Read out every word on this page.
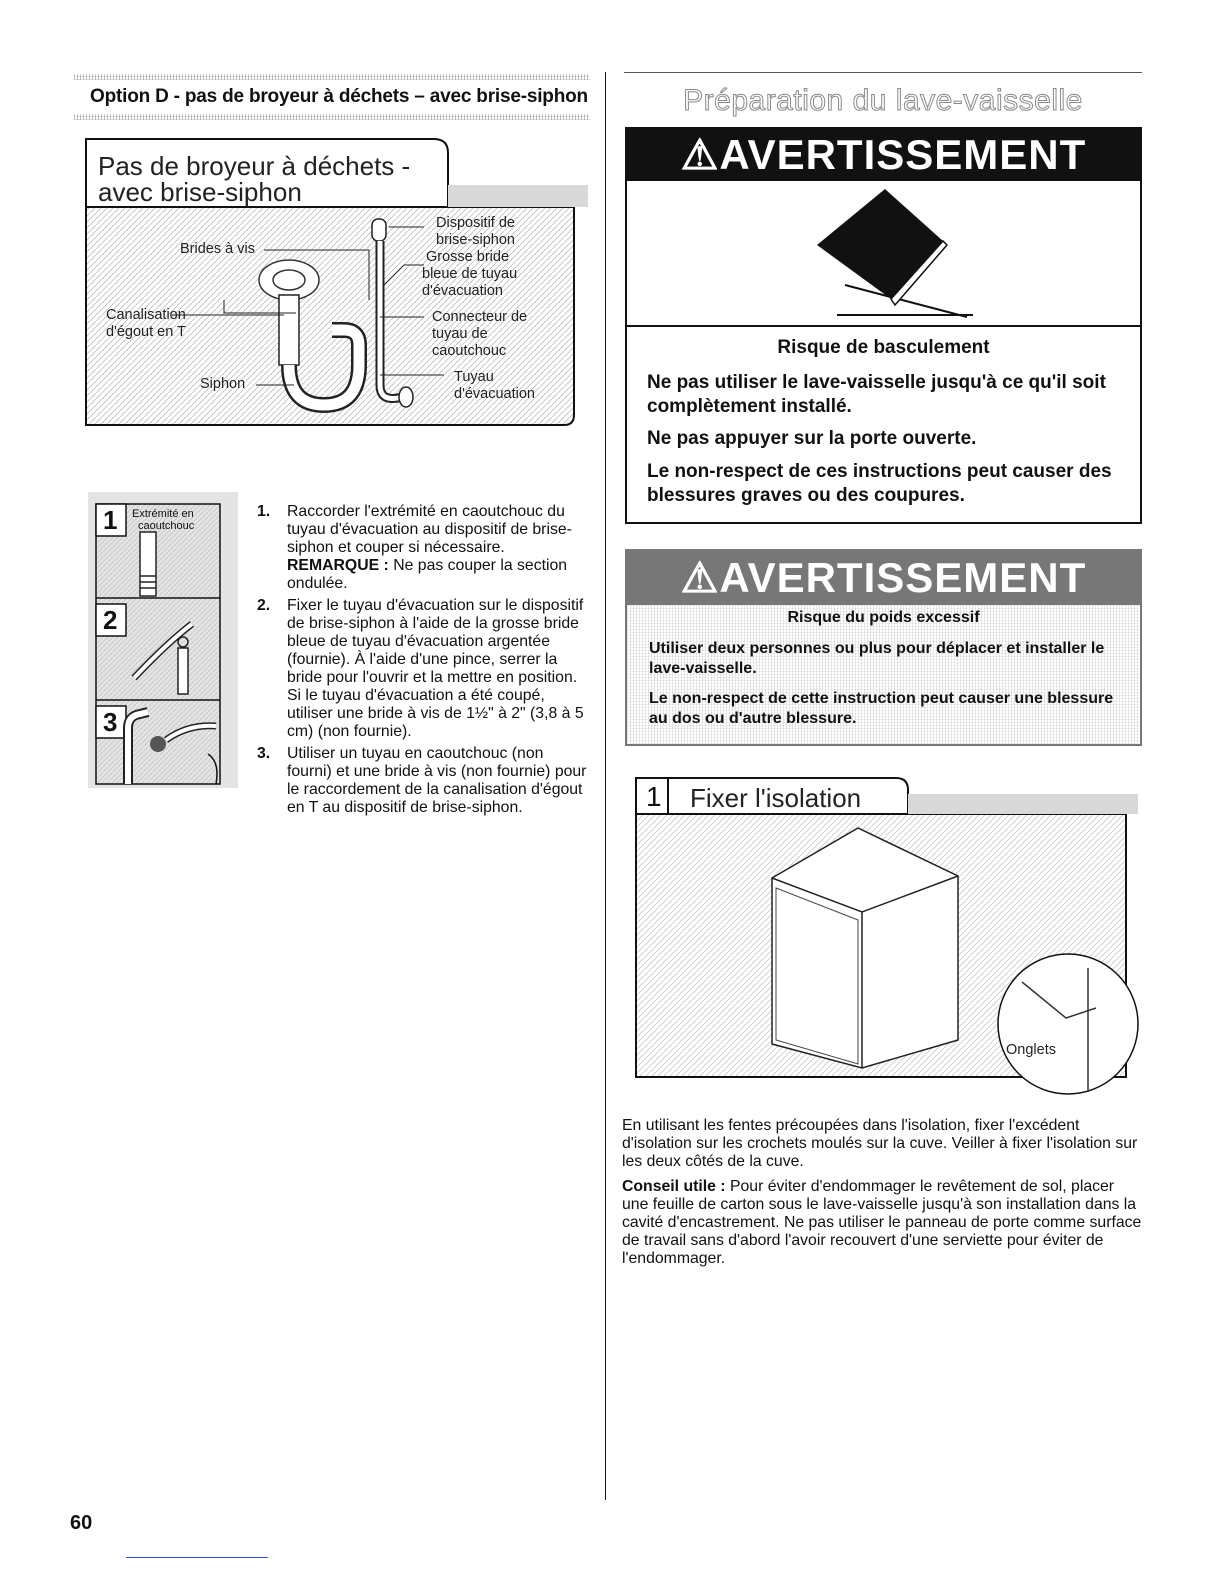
Option D - pas de broyeur à déchets – avec brise-siphon
Pas de broyeur à déchets -
avec brise-siphon
Dispositif de
brise-siphon
Brides à vis	Grosse bride
bleue de tuyau
d'évacuation
Canalisation
d'égout en T
Connecteur de
tuyau de
caoutchouc
Tuyau
d'évacuation
Siphon
1
2
3
Extrémité en
caoutchouc
1. Raccorder l'extrémité en caoutchouc du tuyau d'évacuation au dispositif de brise-siphon et couper si nécessaire.
REMARQUE : Ne pas couper la section ondulée.
2. Fixer le tuyau d'évacuation sur le dispositif de brise-siphon à l'aide de la grosse bride bleue de tuyau d'évacuation argentée (fournie). À l'aide d'une pince, serrer la bride pour l'ouvrir et la mettre en position. Si le tuyau d'évacuation a été coupé, utiliser une bride à vis de 1½" à 2" (3,8 à 5 cm) (non fournie).
3. Utiliser un tuyau en caoutchouc (non fourni) et une bride à vis (non fournie) pour le raccordement de la canalisation d'égout en T au dispositif de brise-siphon.
60
Préparation du lave-vaisselle
⚠AVERTISSEMENT
Risque de basculement
Ne pas utiliser le lave-vaisselle jusqu'à ce qu'il soit complètement installé.
Ne pas appuyer sur la porte ouverte.
Le non-respect de ces instructions peut causer des blessures graves ou des coupures.
⚠AVERTISSEMENT
Risque du poids excessif
Utiliser deux personnes ou plus pour déplacer et installer le lave-vaisselle.
Le non-respect de cette instruction peut causer une blessure au dos ou d'autre blessure.
1 Fixer l'isolation
Onglets
En utilisant les fentes précoupées dans l'isolation, fixer l'excédent d'isolation sur les crochets moulés sur la cuve. Veiller à fixer l'isolation sur les deux côtés de la cuve.
Conseil utile : Pour éviter d'endommager le revêtement de sol, placer une feuille de carton sous le lave-vaisselle jusqu'à son installation dans la cavité d'encastrement. Ne pas utiliser le panneau de porte comme surface de travail sans d'abord l'avoir recouvert d'une serviette pour éviter de l'endommager.
